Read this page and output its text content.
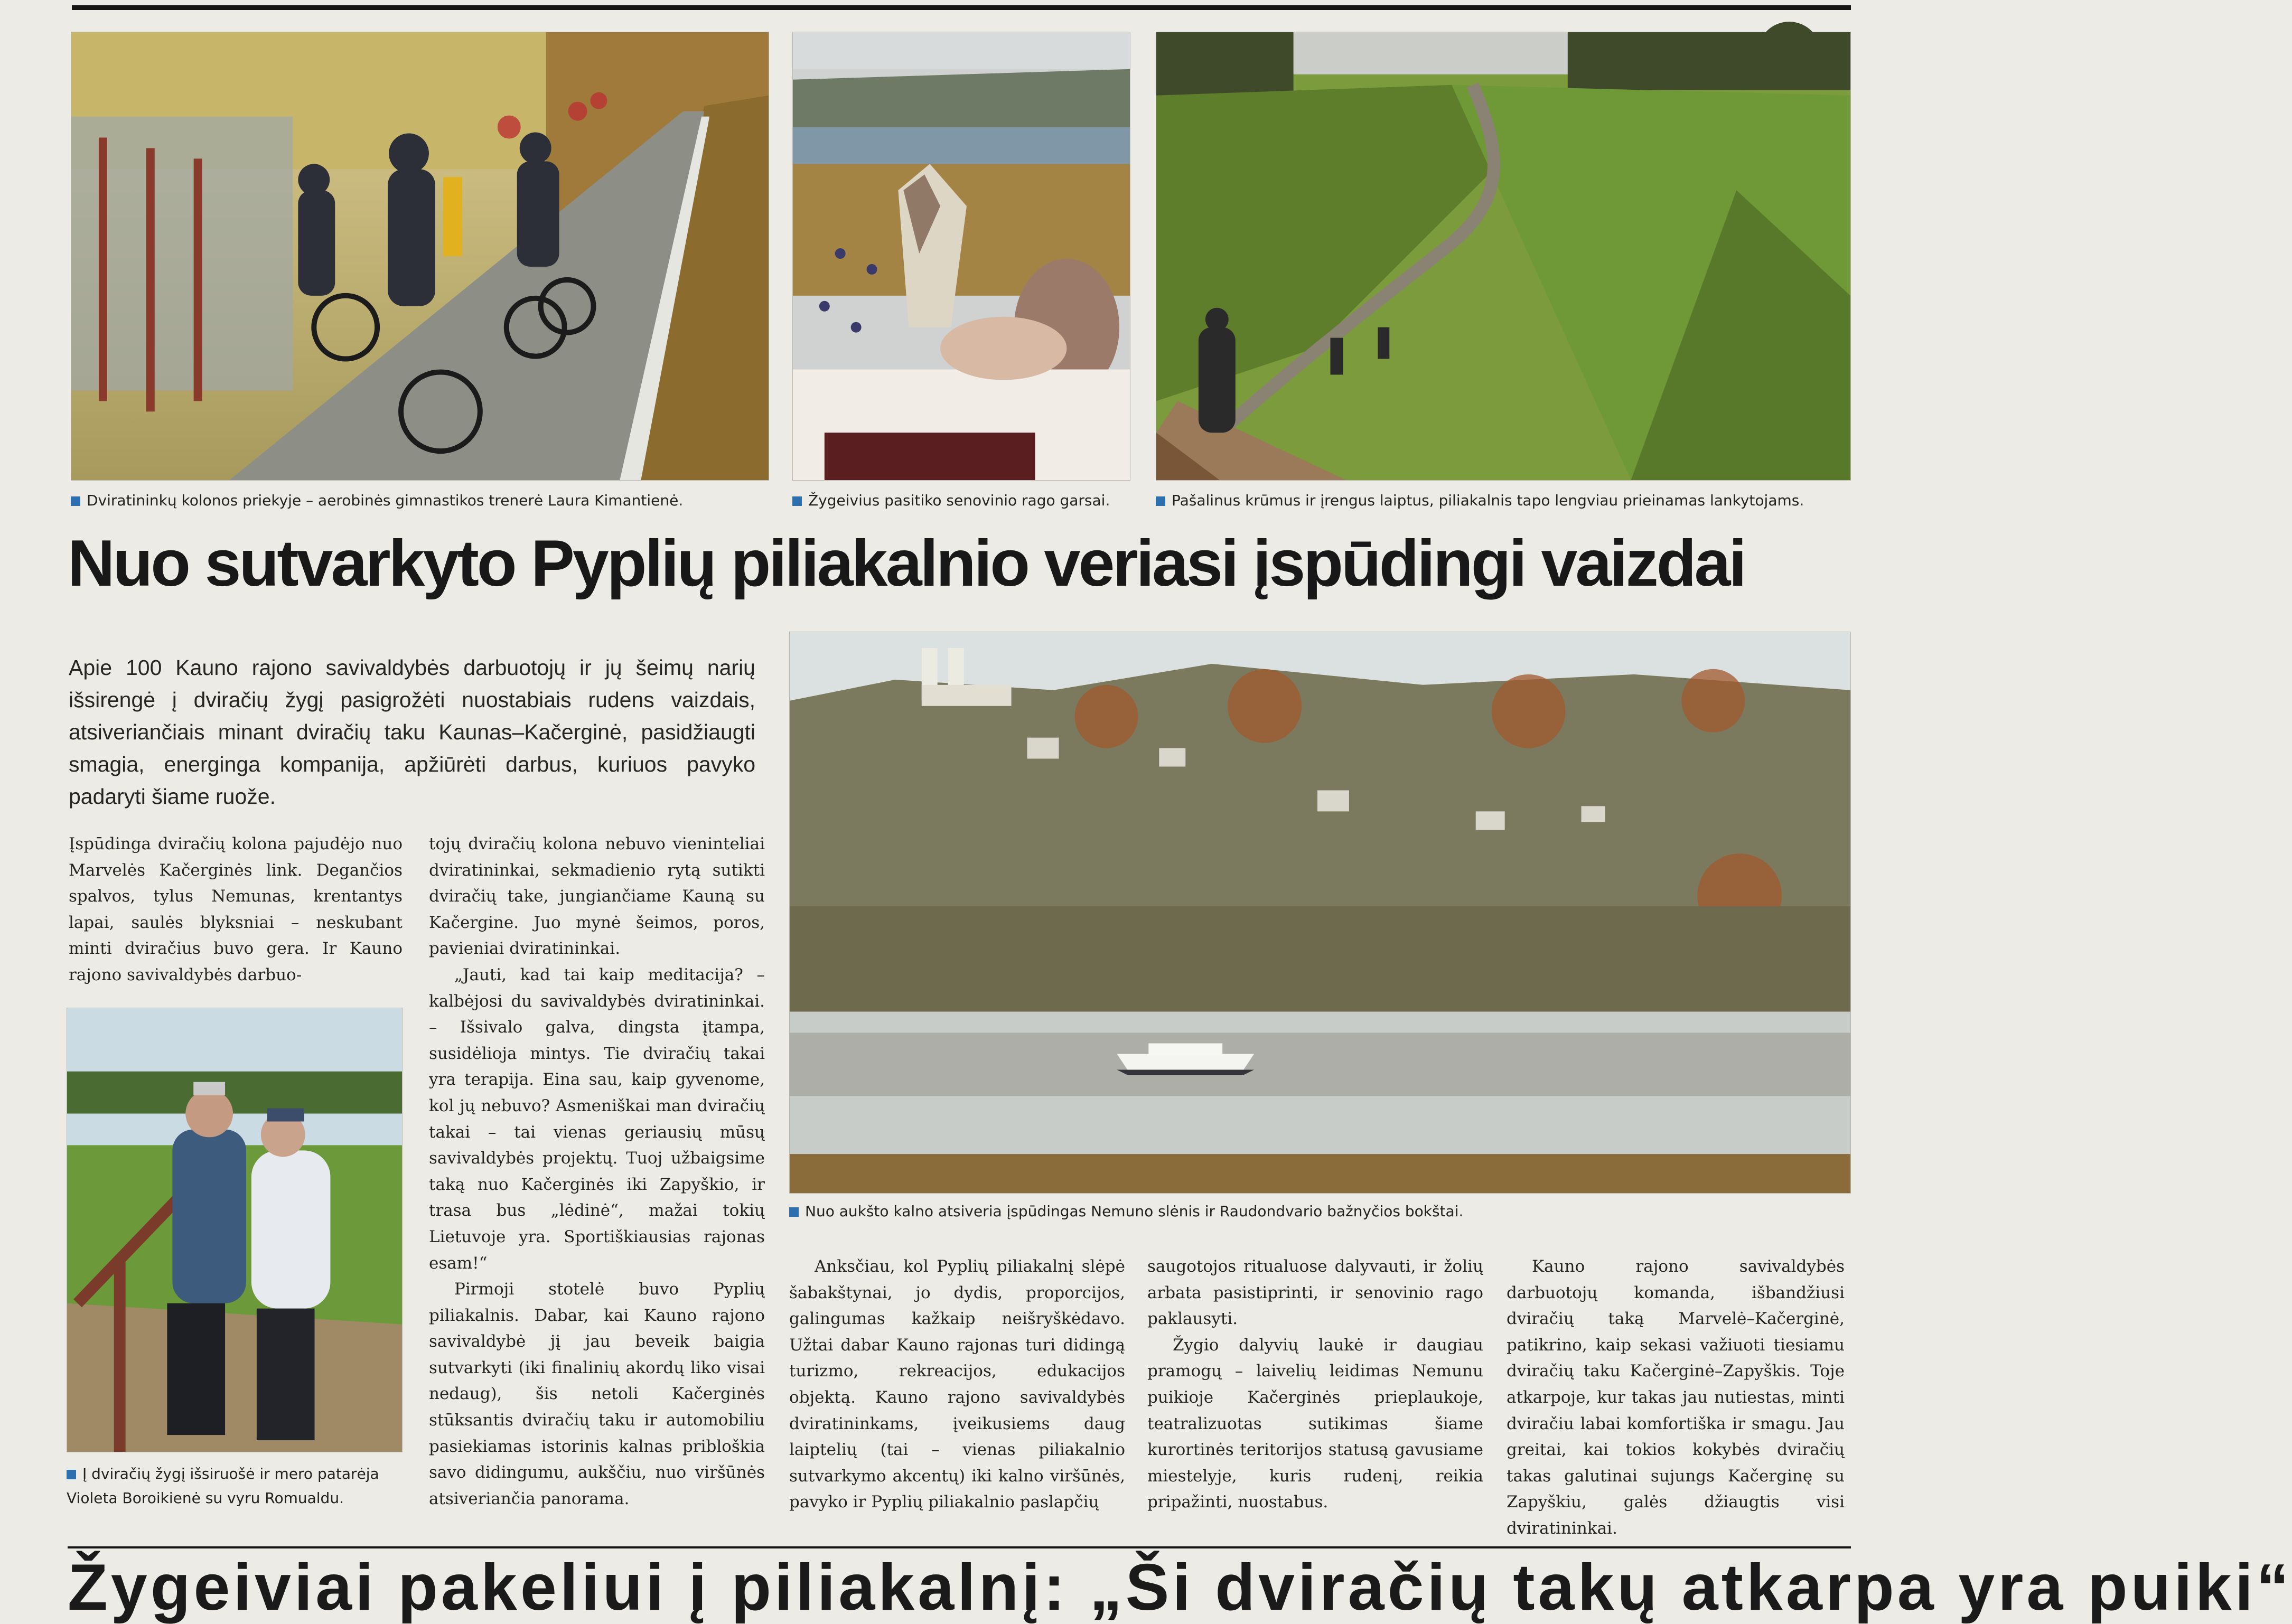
Dviratininkų kolonos priekyje – aerobinės gimnastikos trenerė Laura Kimantienė.	Žygeivius pasitiko senovinio rago garsai.	Pašalinus krūmus ir įrengus laiptus, piliakalnis tapo lengviau prieinamas lankytojams.
Nuo sutvarkyto Pyplių piliakalnio veriasi įspūdingi vaizdai
Apie 100 Kauno rajono savivaldybės darbuotojų ir jų šeimų narių išsirengė į dviračių žygį pasigrožėti nuostabiais rudens vaizdais, atsiveriančiais minant dviračių taku Kaunas–Kačerginė, pasidžiaugti smagia, energinga kompanija, apžiūrėti darbus, kuriuos pavyko padaryti šiame ruože.

Įspūdinga dviračių kolona pajudėjo nuo Marvelės Kačerginės link. Degančios spalvos, tylus Nemunas, krentantys lapai, saulės blyksniai – neskubant minti dviračius buvo gera. Ir Kauno rajono savivaldybės darbuo-

Į dviračių žygį išsiruošė ir mero patarėja
Violeta Boroikienė su vyru Romualdu.

tojų dviračių kolona nebuvo vienintelіai dviratininkai, sekmadienio rytą sutikti dviračių take, jungiančiame Kauną su Kačergine. Juo mynė šeimos, poros, pavieniai dviratininkai.

„Jauti, kad tai kaip meditacija? – kalbėjosi du savivaldybės dviratininkai. – Išsivalo galva, dingsta įtampa, susidėlioja mintys. Tie dviračių takai yra terapija. Eina sau, kaip gyvenome, kol jų nebuvo? Asmeniškai man dviračių takai – tai vienas geriausių mūsų savivaldybės projektų. Tuoj užbaigsime taką nuo Kačerginės iki Zapyškio, ir trasa bus „lėdinė“, mažai tokių Lietuvoje yra. Sportiškiausias rajonas esam!“

Pirmoji stotelė buvo Pyplių piliakalnis. Dabar, kai Kauno rajono savivaldybė jį jau beveik baigia sutvarkyti (iki finalinių akordų liko visai nedaug), šis netoli Kačerginės stūksantis dviračių taku ir automobiliu pasiekiamas istorinis kalnas pribloškia savo didingumu, aukščiu, nuo viršūnės atsiveriančia panorama.

Nuo aukšto kalno atsiveria įspūdingas Nemuno slėnis ir Raudondvario bažnyčios bokštai.

Anksčiau, kol Pyplių piliakalnį slėpė šabakštynai, jo dydis, proporcijos, galingumas kažkaip neišryškėdavo. Užtai dabar Kauno rajonas turi didingą turizmo, rekreacijos, edukacijos objektą. Kauno rajono savivaldybės dviratininkams, įveikusiems daug laiptelių (tai – vienas piliakalnio sutvarkymo akcentų) iki kalno viršūnės, pavyko ir Pyplių piliakalnio paslapčių

saugotojos ritualuose dalyvauti, ir žolių arbata pasistiprinti, ir senovinio rago paklausyti.

Žygio dalyvių laukė ir daugiau pramogų – laivelių leidimas Nemunu puikioje Kačerginės prieplaukoje, teatralizuotas sutikimas šiame kurortinės teritorijos statusą gavusiame miestelyje, kuris rudenį, reikia pripažinti, nuostabus.

Kauno rajono savivaldybės darbuotojų komanda, išbandžiusi dviračių taką Marvelė–Kačerginė, patikrino, kaip sekasi važiuoti tiesiamu dviračių taku Kačerginė–Zapyškis. Toje atkarpoje, kur takas jau nutiestas, minti dviračiu labai komfortiška ir smagu. Jau greitai, kai tokios kokybės dviračių takas galutinai sujungs Kačerginę su Zapyškiu, galės džiaugtis visi dviratininkai.

Žygeiviai pakeliui į piliakalnį: „Ši dviračių takų atkarpa yra puiki“
